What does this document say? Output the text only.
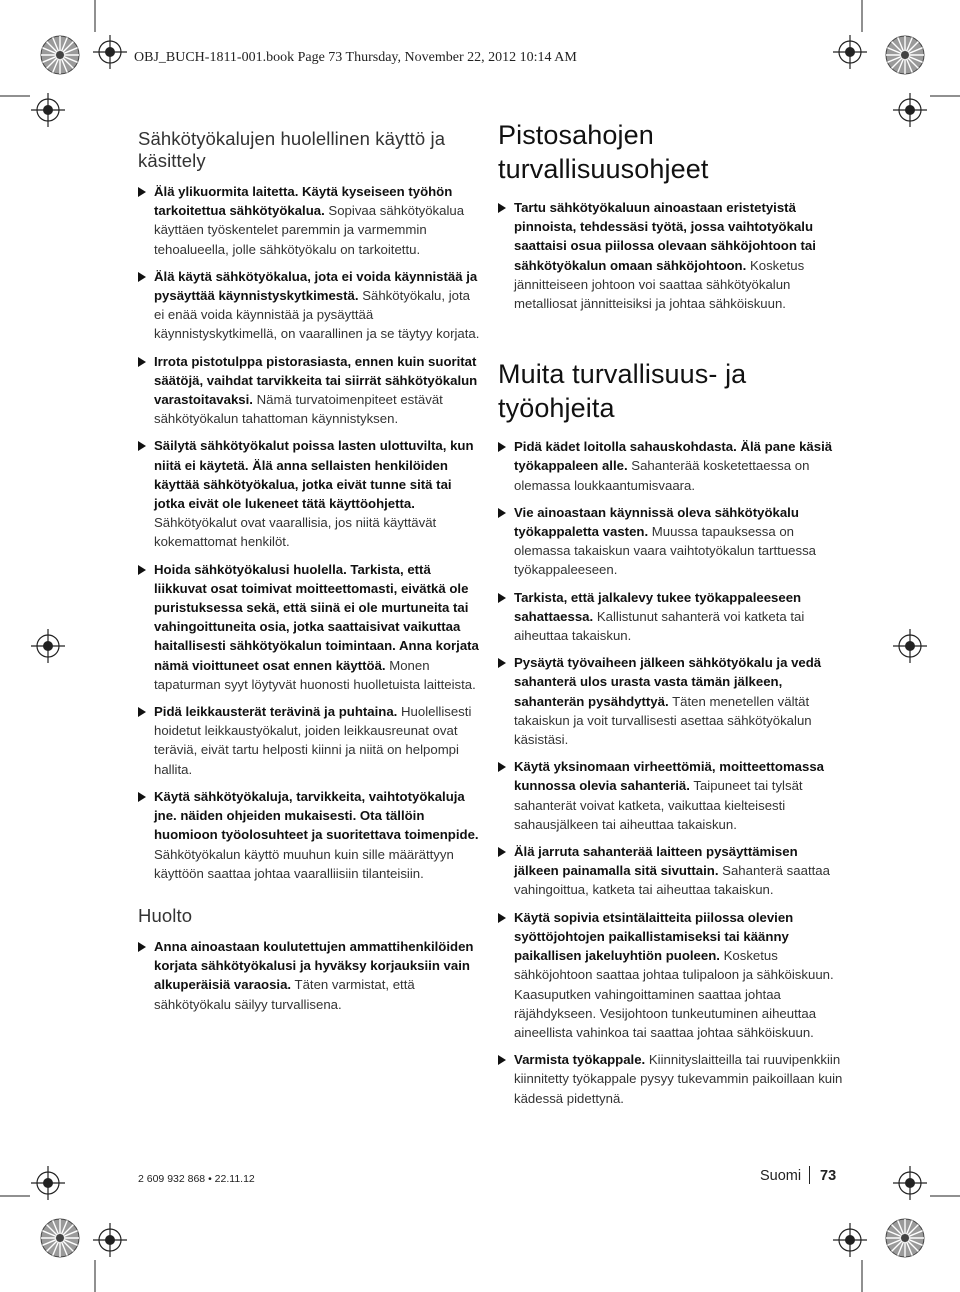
OBJ_BUCH-1811-001.book Page 73 Thursday, November 22, 2012 10:14 AM
Sähkötyökalujen huolellinen käyttö ja käsittely

Älä ylikuormita laitetta. Käytä kyseiseen työhön tarkoitettua sähkötyökalua. Sopivaa sähkötyökalua käyttäen työskentelet paremmin ja varmemmin tehoalueella, jolle sähkötyökalu on tarkoitettu.

Älä käytä sähkötyökalua, jota ei voida käynnistää ja pysäyttää käynnistyskytkimestä. Sähkötyökalu, jota ei enää voida käynnistää ja pysäyttää käynnistyskytkimellä, on vaarallinen ja se täytyy korjata.

Irrota pistotulppa pistorasiasta, ennen kuin suoritat säätöjä, vaihdat tarvikkeita tai siirrät sähkötyökalun varastoitavaksi. Nämä turvatoimenpiteet estävät sähkötyökalun tahattoman käynnistyksen.

Säilytä sähkötyökalut poissa lasten ulottuvilta, kun niitä ei käytetä. Älä anna sellaisten henkilöiden käyttää sähkötyökalua, jotka eivät tunne sitä tai jotka eivät ole lukeneet tätä käyttöohjetta. Sähkötyökalut ovat vaarallisia, jos niitä käyttävät kokemattomat henkilöt.

Hoida sähkötyökalusi huolella. Tarkista, että liikkuvat osat toimivat moitteettomasti, eivätkä ole puristuksessa sekä, että siinä ei ole murtuneita tai vahingoittuneita osia, jotka saattaisivat vaikuttaa haitallisesti sähkötyökalun toimintaan. Anna korjata nämä vioittuneet osat ennen käyttöä. Monen tapaturman syyt löytyvät huonosti huolletuista laitteista.

Pidä leikkausterät terävinä ja puhtaina. Huolellisesti hoidetut leikkaustyökalut, joiden leikkausreunat ovat teräviä, eivät tartu helposti kiinni ja niitä on helpompi hallita.

Käytä sähkötyökaluja, tarvikkeita, vaihtotyökaluja jne. näiden ohjeiden mukaisesti. Ota tällöin huomioon työolosuhteet ja suoritettava toimenpide. Sähkötyökalun käyttö muuhun kuin sille määrättyyn käyttöön saattaa johtaa vaaralliisiin tilanteisiin.

Huolto

Anna ainoastaan koulutettujen ammattihenkilöiden korjata sähkötyökalusi ja hyväksy korjauksiin vain alkuperäisiä varaosia. Täten varmistat, että sähkötyökalu säilyy turvallisena.

Pistosahojen turvallisuusohjeet

Tartu sähkötyökaluun ainoastaan eristetyistä pinnoista, tehdessäsi työtä, jossa vaihtotyökalu saattaisi osua piilossa olevaan sähköjohtoon tai sähkötyökalun omaan sähköjohtoon. Kosketus jännitteiseen johtoon voi saattaa sähkötyökalun metalliosat jännitteisiksi ja johtaa sähköiskuun.

Muita turvallisuus- ja työohjeita

Pidä kädet loitolla sahauskohdasta. Älä pane käsiä työkappaleen alle. Sahanterää kosketettaessa on olemassa loukkaantumisvaara.

Vie ainoastaan käynnissä oleva sähkötyökalu työkappaletta vasten. Muussa tapauksessa on olemassa takaiskun vaara vaihtotyökalun tarttuessa työkappaleeseen.

Tarkista, että jalkalevy tukee työkappaleeseen sahattaessa. Kallistunut sahanterä voi katketa tai aiheuttaa takaiskun.

Pysäytä työvaiheen jälkeen sähkötyökalu ja vedä sahanterä ulos urasta vasta tämän jälkeen, sahanterän pysähdyttyä. Täten menetellen vältät takaiskun ja voit turvallisesti asettaa sähkötyökalun käsistäsi.

Käytä yksinomaan virheettömiä, moitteettomassa kunnossa olevia sahanteriä. Taipuneet tai tylsät sahanterät voivat katketa, vaikuttaa kielteisesti sahausjälkeen tai aiheuttaa takaiskun.

Älä jarruta sahanterää laitteen pysäyttämisen jälkeen painamalla sitä sivuttain. Sahanterä saattaa vahingoittua, katketa tai aiheuttaa takaiskun.

Käytä sopivia etsintälaitteita piilossa olevien syöttöjohtojen paikallistamiseksi tai käänny paikallisen jakeluyhtiön puoleen. Kosketus sähköjohtoon saattaa johtaa tulipaloon ja sähköiskuun. Kaasuputken vahingoittaminen saattaa johtaa räjähdykseen. Vesijohtoon tunkeutuminen aiheuttaa aineellista vahinkoa tai saattaa johtaa sähköiskuun.

Varmista työkappale. Kiinnityslaitteilla tai ruuvipenkkiin kiinnitetty työkappale pysyy tukevammin paikoillaan kuin kädessä pidettynä.

2 609 932 868 • 22.11.12	Suomi 73
